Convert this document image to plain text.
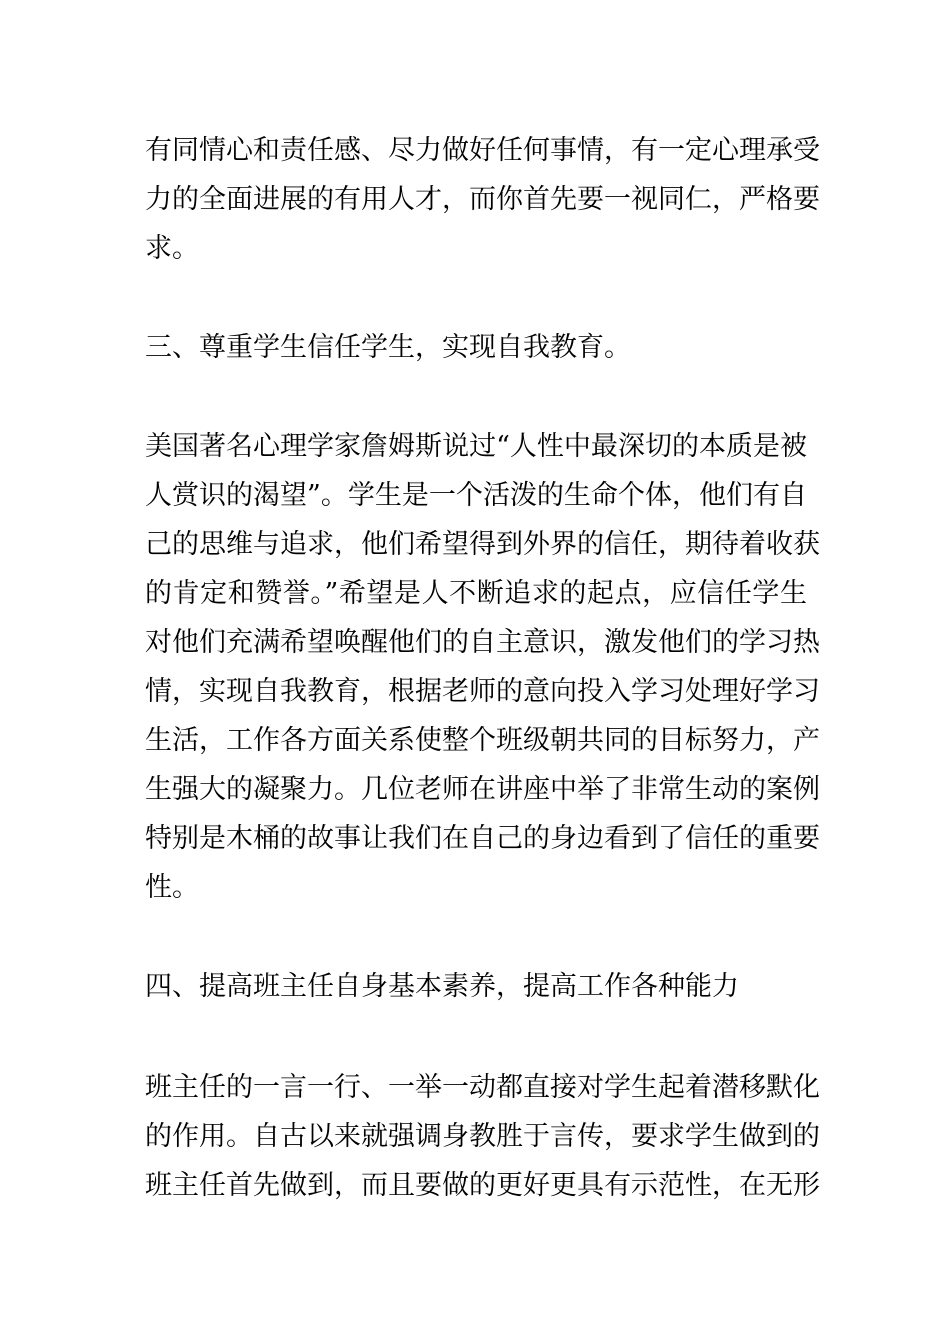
有同情心和责任感、尽力做好任何事情，有一定心理承受
力的全面进展的有用人才，而你首先要一视同仁，严格要
求。
三、尊重学生信任学生，实现自我教育。
美国著名心理学家詹姆斯说过“人性中最深切的本质是被
人赏识的渴望”。学生是一个活泼的生命个体，他们有自
己的思维与追求，他们希望得到外界的信任，期待着收获
的肯定和赞誉。”希望是人不断追求的起点，应信任学生
对他们充满希望唤醒他们的自主意识，激发他们的学习热
情，实现自我教育，根据老师的意向投入学习处理好学习
生活，工作各方面关系使整个班级朝共同的目标努力，产
生强大的凝聚力。几位老师在讲座中举了非常生动的案例
特别是木桶的故事让我们在自己的身边看到了信任的重要
性。
四、提高班主任自身基本素养，提高工作各种能力
班主任的一言一行、一举一动都直接对学生起着潜移默化
的作用。自古以来就强调身教胜于言传，要求学生做到的
班主任首先做到，而且要做的更好更具有示范性，在无形
